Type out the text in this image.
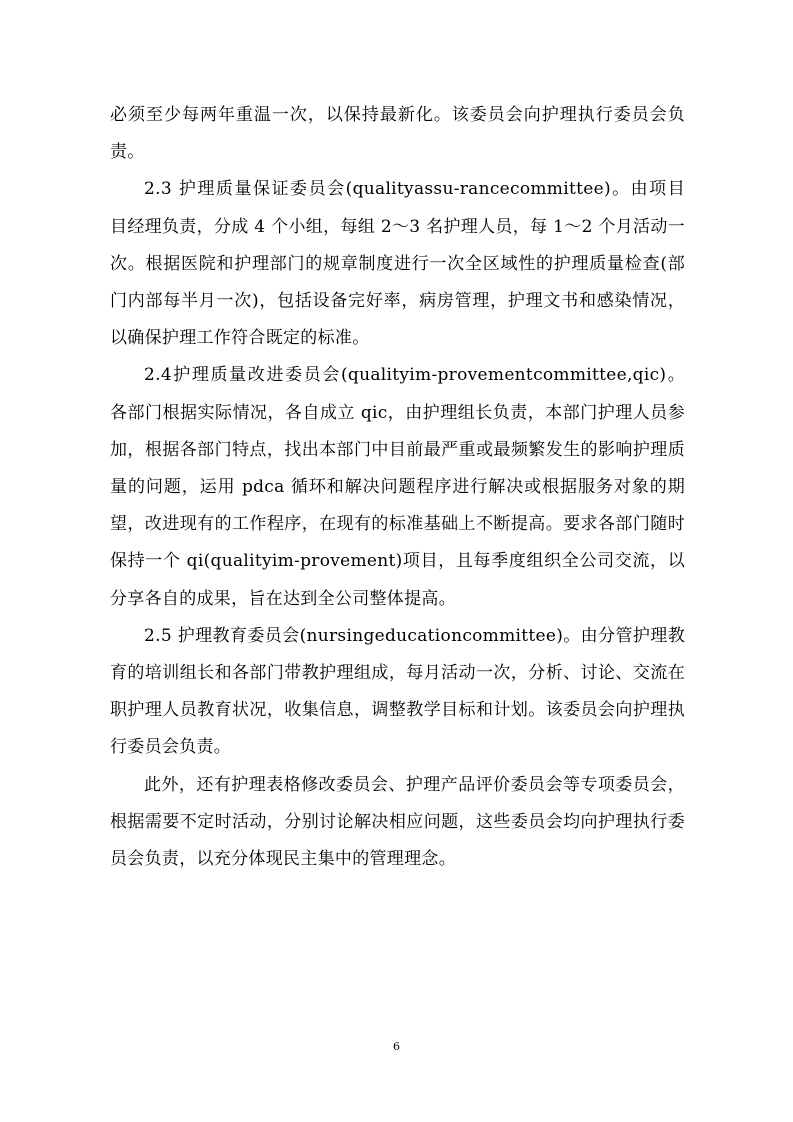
必须至少每两年重温一次，以保持最新化。该委员会向护理执行委员会负责。

2.3 护理质量保证委员会(qualityassu-rancecommittee)。由项目目经理负责，分成 4 个小组，每组 2～3 名护理人员，每 1～2 个月活动一次。根据医院和护理部门的规章制度进行一次全区域性的护理质量检查(部门内部每半月一次)，包括设备完好率，病房管理，护理文书和感染情况，以确保护理工作符合既定的标准。

2.4护理质量改进委员会(qualityim-provementcommittee,qic)。各部门根据实际情况，各自成立 qic，由护理组长负责，本部门护理人员参加，根据各部门特点，找出本部门中目前最严重或最频繁发生的影响护理质量的问题，运用 pdca 循环和解决问题程序进行解决或根据服务对象的期望，改进现有的工作程序，在现有的标准基础上不断提高。要求各部门随时保持一个 qi(qualityim-provement)项目，且每季度组织全公司交流，以分享各自的成果，旨在达到全公司整体提高。

2.5 护理教育委员会(nursingeducationcommittee)。由分管护理教育的培训组长和各部门带教护理组成，每月活动一次，分析、讨论、交流在职护理人员教育状况，收集信息，调整教学目标和计划。该委员会向护理执行委员会负责。

此外，还有护理表格修改委员会、护理产品评价委员会等专项委员会，根据需要不定时活动，分别讨论解决相应问题，这些委员会均向护理执行委员会负责，以充分体现民主集中的管理理念。

6
